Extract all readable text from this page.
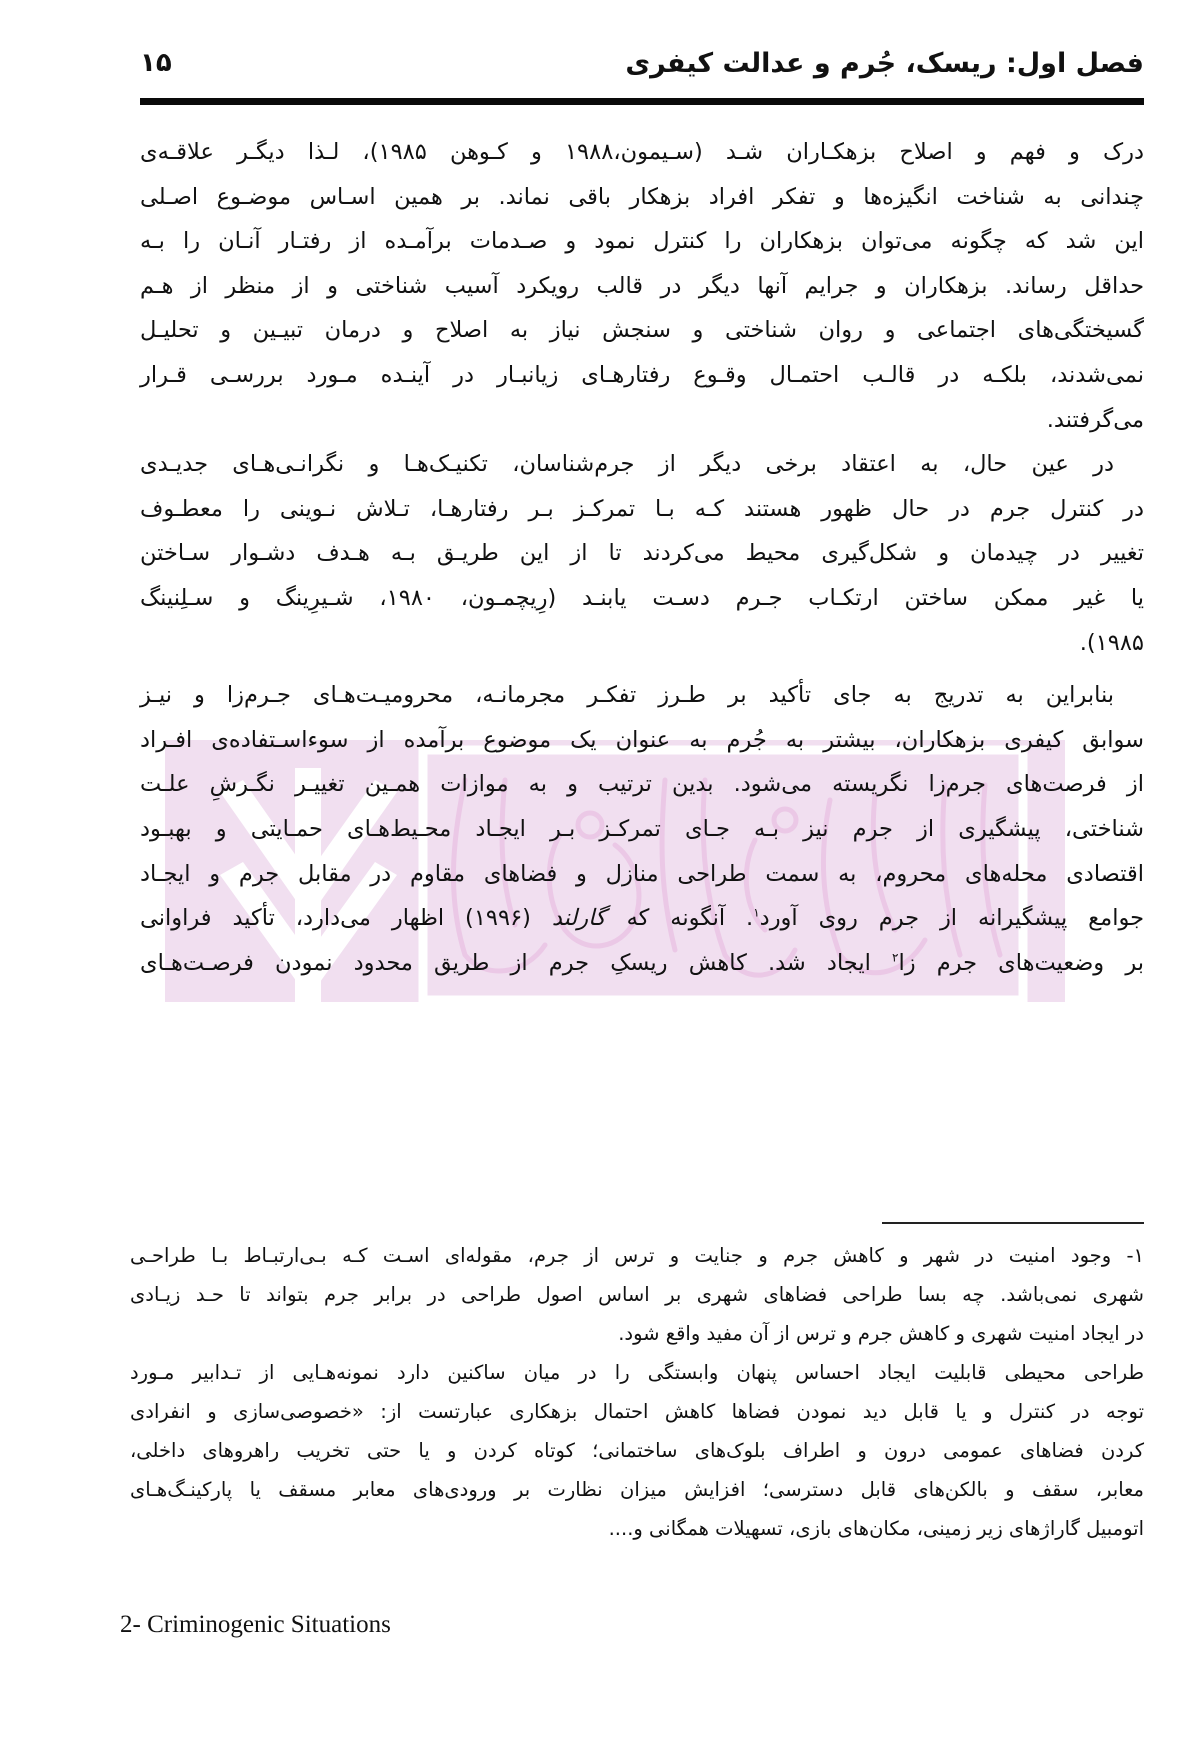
فصل اول: ریسک، جُرم و عدالت کیفری
۱۵
درک و فهم و اصلاح بزهکـاران شـد (سـیمون،۱۹۸۸ و کـوهن ۱۹۸۵)، لـذا دیگـر علاقـه‌ی
چندانی به شناخت انگیزه‌ها و تفکر افراد بزهکار باقی نماند. بر همین اسـاس موضـوع اصـلی
این شد که چگونه می‌توان بزهکاران را کنترل نمود و صـدمات برآمـده از رفتـار آنـان را بـه
حداقل رساند. بزهکاران و جرایم آنها دیگر در قالب رویکرد آسیب شناختی و از منظر از هـم
گسیختگی‌های اجتماعی و روان شناختی و سنجش نیاز به اصلاح و درمان تبیـین و تحلیـل
نمی‌شدند، بلکـه در قالـب احتمـال وقـوع رفتارهـای زیانبـار در آینـده مـورد بررسـی قـرار
می‌گرفتند.
در عین حال، به اعتقاد برخی دیگر از جرم‌شناسان، تکنیـک‌هـا و نگرانـی‌هـای جدیـدی
در کنترل جرم در حال ظهور هستند کـه بـا تمرکـز بـر رفتارهـا، تـلاش نـوینی را معطـوف
تغییر در چیدمان و شکل‌گیری محیط می‌کردند تا از این طریـق بـه هـدف دشـوار سـاختن
یا غیر ممکن ساختن ارتکـاب جـرم دسـت یابنـد (رِیچمـون، ۱۹۸۰، شـیرِینگ و سـلِنینگ
۱۹۸۵).
بنابراین به تدریج به جای تأکید بر طـرز تفکـر مجرمانـه، محرومیـت‌هـای جـرم‌زا و نیـز
سوابق کیفری بزهکاران، بیشتر به جُرم به عنوان یک موضوع برآمده از سوءاسـتفاده‌ی افـراد
از فرصت‌های جرم‌زا نگریسته می‌شود. بدین ترتیب و به موازات همـین تغییـر نگـرشِ علـت
شناختی، پیشگیری از جرم نیز بـه جـای تمرکـز بـر ایجـاد محـیط‌هـای حمـایتی و بهبـود
اقتصادی محله‌های محروم، به سمت طراحی منازل و فضاهای مقاوم در مقابل جرم و ایجـاد
جوامع پیشگیرانه از جرم روی آورد$^۱$. آنگونه که گارلند (۱۹۹۶) اظهار می‌دارد، تأکید فراوانی
بر وضعیت‌های جرم زا$^۲$ ایجاد شد. کاهش ریسکِ جرم از طریق محدود نمودن فرصـت‌هـای
۱- وجود امنیت در شهر و کاهش جرم و جنایت و ترس از جرم، مقوله‌ای اسـت کـه بـی‌ارتبـاط بـا طراحـی
شهری نمی‌باشد. چه بسا طراحی فضاهای شهری بر اساس اصول طراحی در برابر جرم بتواند تا حـد زیـادی
در ایجاد امنیت شهری و کاهش جرم و ترس از آن مفید واقع شود.
طراحی محیطی قابلیت ایجاد احساس پنهان وابستگی را در میان ساکنین دارد نمونه‌هـایی از تـدابیر مـورد
توجه در کنترل و یا قابل دید نمودن فضاها کاهش احتمال بزهکاری عبارتست از: «خصوصی‌سازی و انفرادی
کردن فضاهای عمومی درون و اطراف بلوک‌های ساختمانی؛ کوتاه کردن و یا حتی تخریب راهروهای داخلی،
معابر، سقف و بالکن‌های قابل دسترسی؛ افزایش میزان نظارت بر ورودی‌های معابر مسقف یا پارکینـگ‌هـای
اتومبیل گاراژهای زیر زمینی، مکان‌های بازی، تسهیلات همگانی و....
2- Criminogenic Situations
